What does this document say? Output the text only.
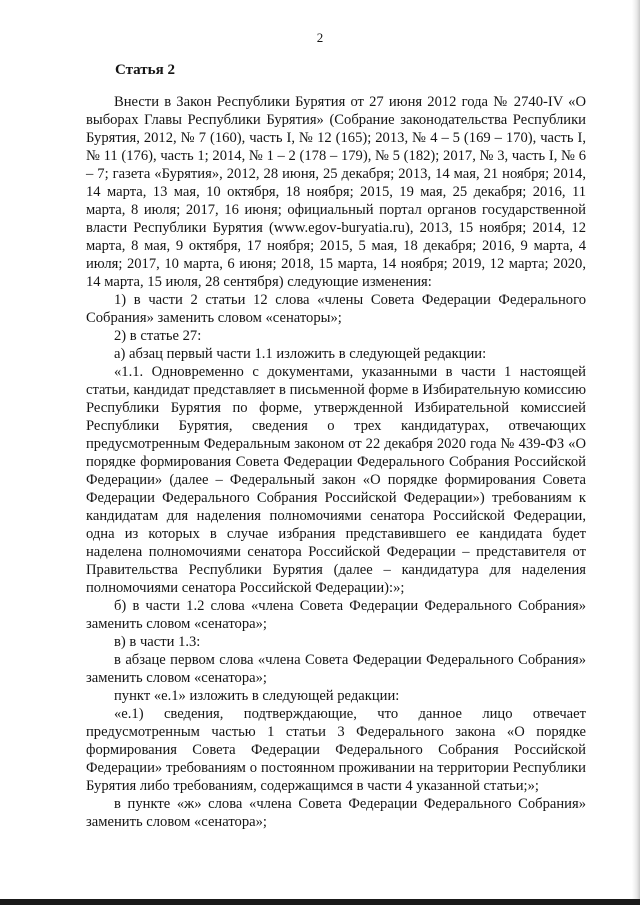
2
Статья 2

Внести в Закон Республики Бурятия от 27 июня 2012 года № 2740-IV «О выборах Главы Республики Бурятия» (Собрание законодательства Республики Бурятия, 2012, № 7 (160), часть I, № 12 (165); 2013, № 4 – 5 (169 – 170), часть I, № 11 (176), часть 1; 2014, № 1 – 2 (178 – 179), № 5 (182); 2017, № 3, часть I, № 6 – 7; газета «Бурятия», 2012, 28 июня, 25 декабря; 2013, 14 мая, 21 ноября; 2014, 14 марта, 13 мая, 10 октября, 18 ноября; 2015, 19 мая, 25 декабря; 2016, 11 марта, 8 июля; 2017, 16 июня; официальный портал органов государственной власти Республики Бурятия (www.egov-buryatia.ru), 2013, 15 ноября; 2014, 12 марта, 8 мая, 9 октября, 17 ноября; 2015, 5 мая, 18 декабря; 2016, 9 марта, 4 июля; 2017, 10 марта, 6 июня; 2018, 15 марта, 14 ноября; 2019, 12 марта; 2020, 14 марта, 15 июля, 28 сентября) следующие изменения:

1) в части 2 статьи 12 слова «члены Совета Федерации Федерального Собрания» заменить словом «сенаторы»;

2) в статье 27:

а) абзац первый части 1.1 изложить в следующей редакции:

«1.1. Одновременно с документами, указанными в части 1 настоящей статьи, кандидат представляет в письменной форме в Избирательную комиссию Республики Бурятия по форме, утвержденной Избирательной комиссией Республики Бурятия, сведения о трех кандидатурах, отвечающих предусмотренным Федеральным законом от 22 декабря 2020 года № 439-ФЗ «О порядке формирования Совета Федерации Федерального Собрания Российской Федерации» (далее – Федеральный закон «О порядке формирования Совета Федерации Федерального Собрания Российской Федерации») требованиям к кандидатам для наделения полномочиями сенатора Российской Федерации, одна из которых в случае избрания представившего ее кандидата будет наделена полномочиями сенатора Российской Федерации – представителя от Правительства Республики Бурятия (далее – кандидатура для наделения полномочиями сенатора Российской Федерации):»;

б) в части 1.2 слова «члена Совета Федерации Федерального Собрания» заменить словом «сенатора»;

в) в части 1.3:

в абзаце первом слова «члена Совета Федерации Федерального Собрания» заменить словом «сенатора»;

пункт «е.1» изложить в следующей редакции:

«е.1) сведения, подтверждающие, что данное лицо отвечает предусмотренным частью 1 статьи 3 Федерального закона «О порядке формирования Совета Федерации Федерального Собрания Российской Федерации» требованиям о постоянном проживании на территории Республики Бурятия либо требованиям, содержащимся в части 4 указанной статьи;»;

в пункте «ж» слова «члена Совета Федерации Федерального Собрания» заменить словом «сенатора»;
